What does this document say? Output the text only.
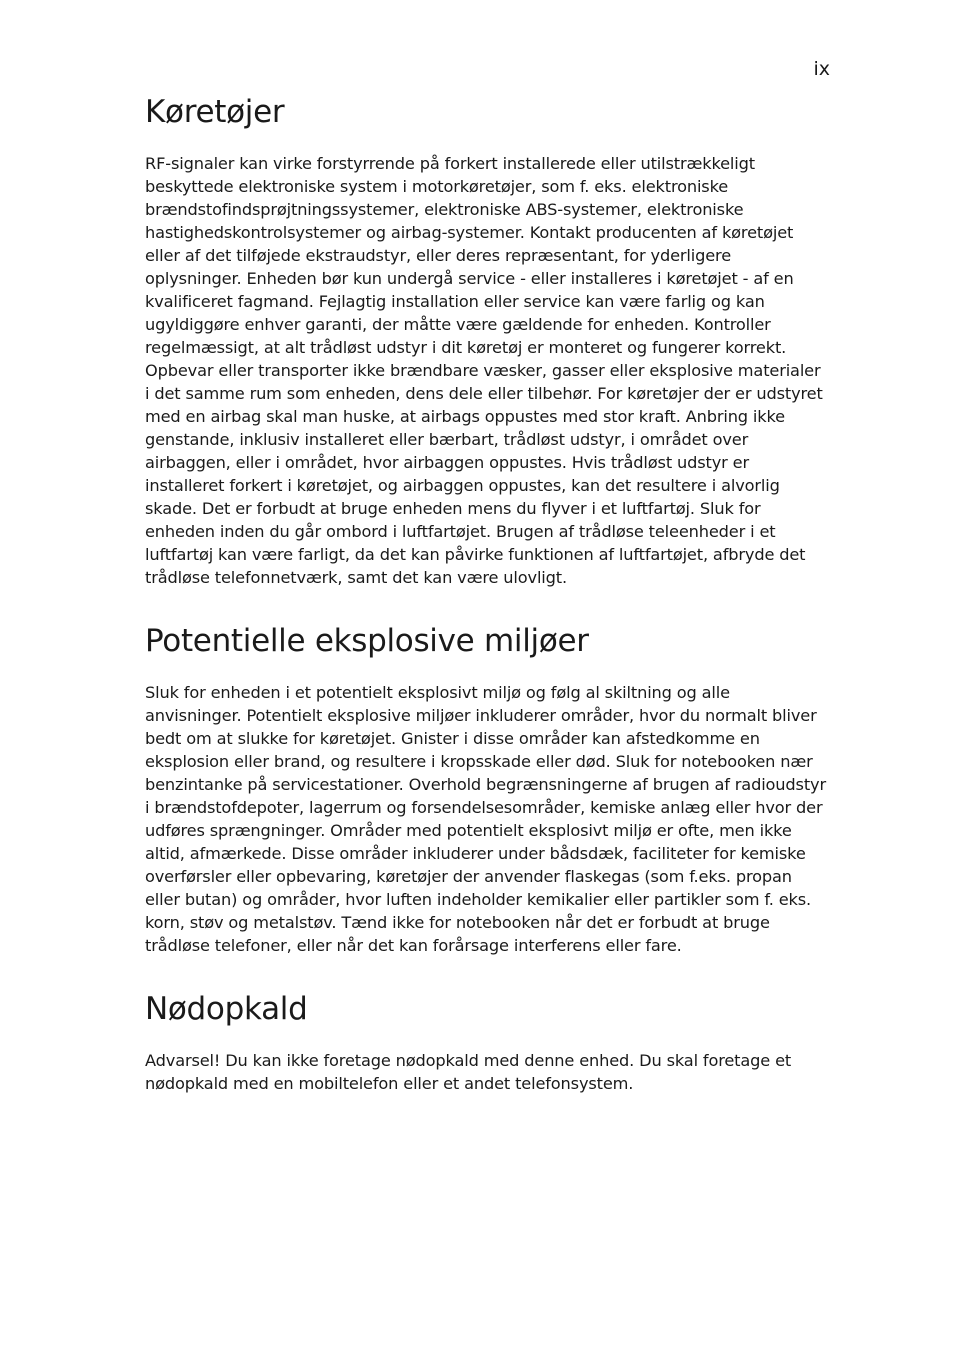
ix
Køretøjer

RF-signaler kan virke forstyrrende på forkert installerede eller utilstrækkeligt beskyttede elektroniske system i motorkøretøjer, som f. eks. elektroniske brændstofindsprøjtningssystemer, elektroniske ABS-systemer, elektroniske hastighedskontrolsystemer og airbag-systemer. Kontakt producenten af køretøjet eller af det tilføjede ekstraudstyr, eller deres repræsentant, for yderligere oplysninger. Enheden bør kun undergå service - eller installeres i køretøjet - af en kvalificeret fagmand. Fejlagtig installation eller service kan være farlig og kan ugyldiggøre enhver garanti, der måtte være gældende for enheden. Kontroller regelmæssigt, at alt trådløst udstyr i dit køretøj er monteret og fungerer korrekt. Opbevar eller transporter ikke brændbare væsker, gasser eller eksplosive materialer i det samme rum som enheden, dens dele eller tilbehør. For køretøjer der er udstyret med en airbag skal man huske, at airbags oppustes med stor kraft. Anbring ikke genstande, inklusiv installeret eller bærbart, trådløst udstyr, i området over airbaggen, eller i området, hvor airbaggen oppustes. Hvis trådløst udstyr er installeret forkert i køretøjet, og airbaggen oppustes, kan det resultere i alvorlig skade. Det er forbudt at bruge enheden mens du flyver i et luftfartøj. Sluk for enheden inden du går ombord i luftfartøjet. Brugen af trådløse teleenheder i et luftfartøj kan være farligt, da det kan påvirke funktionen af luftfartøjet, afbryde det trådløse telefonnetværk, samt det kan være ulovligt.

Potentielle eksplosive miljøer

Sluk for enheden i et potentielt eksplosivt miljø og følg al skiltning og alle anvisninger. Potentielt eksplosive miljøer inkluderer områder, hvor du normalt bliver bedt om at slukke for køretøjet. Gnister i disse områder kan afstedkomme en eksplosion eller brand, og resultere i kropsskade eller død. Sluk for notebooken nær benzintanke på servicestationer. Overhold begrænsningerne af brugen af radioudstyr i brændstofdepoter, lagerrum og forsendelsesområder, kemiske anlæg eller hvor der udføres sprængninger. Områder med potentielt eksplosivt miljø er ofte, men ikke altid, afmærkede. Disse områder inkluderer under bådsdæk, faciliteter for kemiske overførsler eller opbevaring, køretøjer der anvender flaskegas (som f.eks. propan eller butan) og områder, hvor luften indeholder kemikalier eller partikler som f. eks. korn, støv og metalstøv. Tænd ikke for notebooken når det er forbudt at bruge trådløse telefoner, eller når det kan forårsage interferens eller fare.

Nødopkald

Advarsel! Du kan ikke foretage nødopkald med denne enhed. Du skal foretage et nødopkald med en mobiltelefon eller et andet telefonsystem.
